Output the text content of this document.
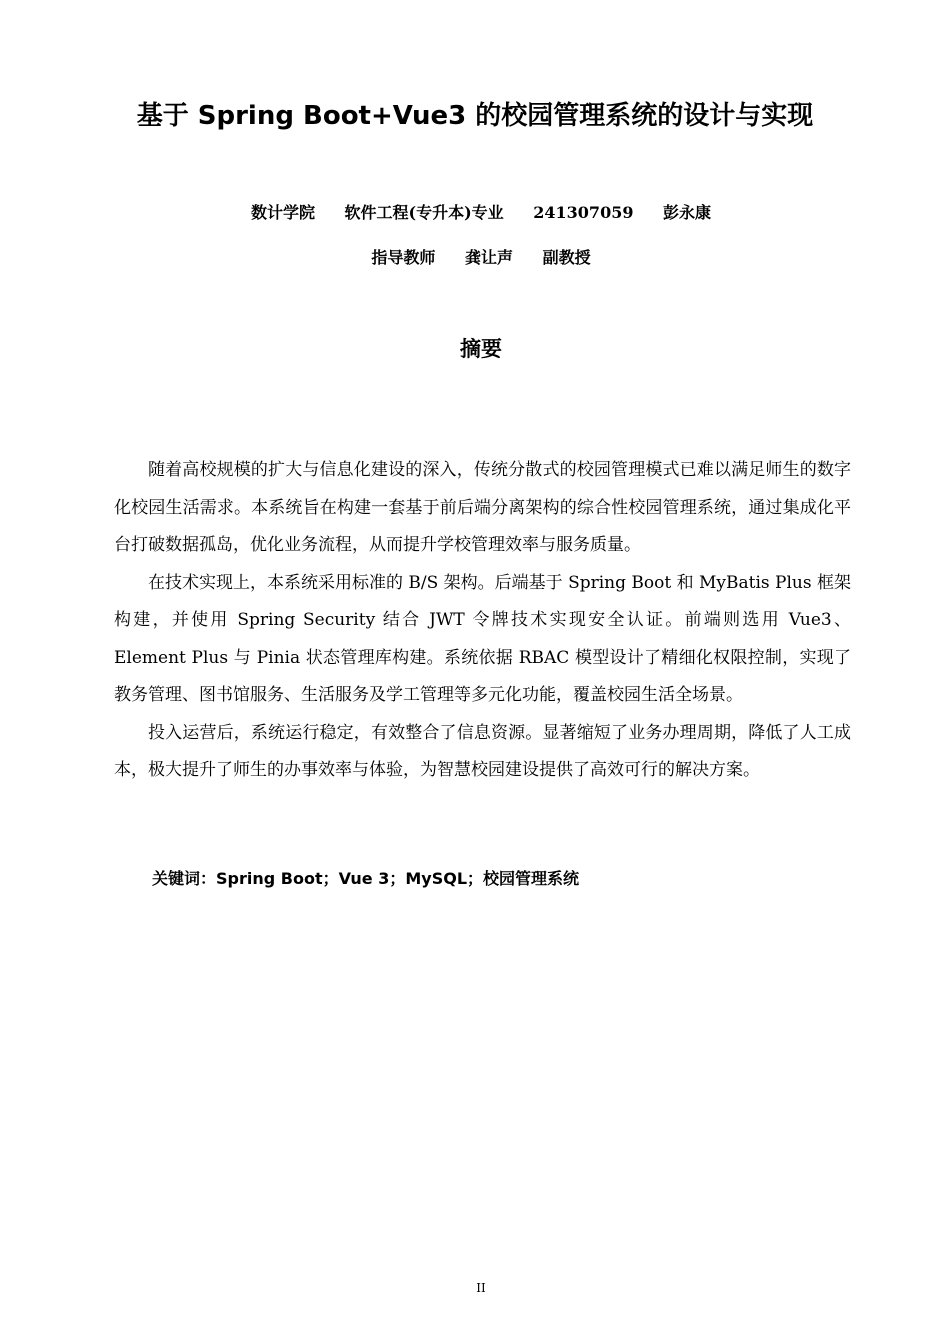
基于 Spring Boot+Vue3 的校园管理系统的设计与实现
数计学院 软件工程(专升本)专业 241307059 彭永康
指导教师 龚让声 副教授
摘要

随着高校规模的扩大与信息化建设的深入，传统分散式的校园管理模式已难以满足师生的数字化校园生活需求。本系统旨在构建一套基于前后端分离架构的综合性校园管理系统，通过集成化平台打破数据孤岛，优化业务流程，从而提升学校管理效率与服务质量。

在技术实现上，本系统采用标准的 B/S 架构。后端基于 Spring Boot 和 MyBatis Plus 框架构建，并使用 Spring Security 结合 JWT 令牌技术实现安全认证。前端则选用 Vue3、Element Plus 与 Pinia 状态管理库构建。系统依据 RBAC 模型设计了精细化权限控制，实现了教务管理、图书馆服务、生活服务及学工管理等多元化功能，覆盖校园生活全场景。

投入运营后，系统运行稳定，有效整合了信息资源。显著缩短了业务办理周期，降低了人工成本，极大提升了师生的办事效率与体验，为智慧校园建设提供了高效可行的解决方案。

关键词：Spring Boot；Vue 3；MySQL；校园管理系统

II
